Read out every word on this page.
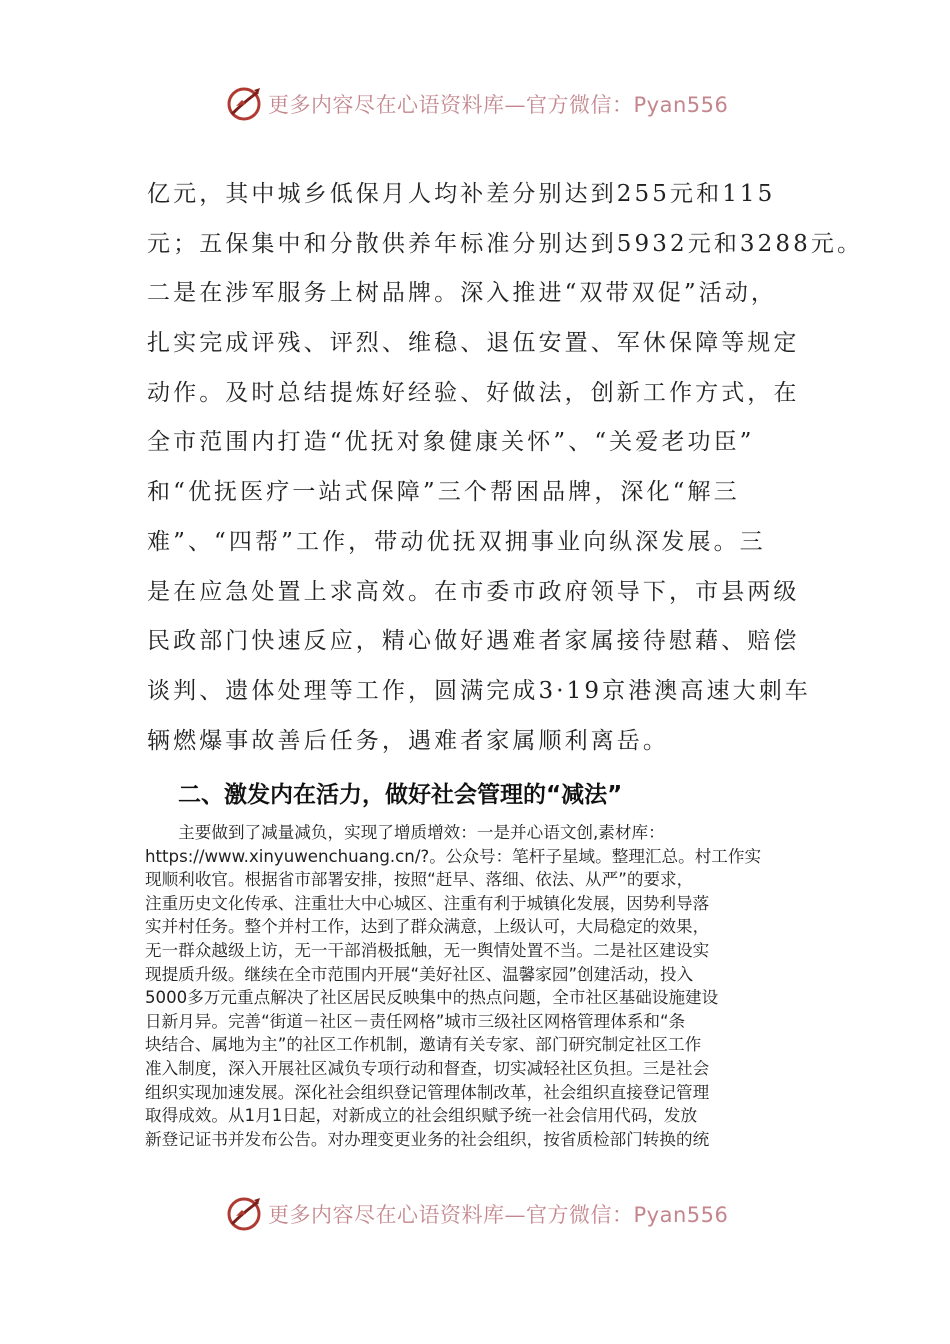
更多内容尽在心语资料库—官方微信：Pyan556
亿元，其中城乡低保月人均补差分别达到255元和115
元；五保集中和分散供养年标准分别达到5932元和3288元。
二是在涉军服务上树品牌。深入推进“双带双促”活动，
扎实完成评残、评烈、维稳、退伍安置、军休保障等规定
动作。及时总结提炼好经验、好做法，创新工作方式，在
全市范围内打造“优抚对象健康关怀”、“关爱老功臣”
和“优抚医疗一站式保障”三个帮困品牌，深化“解三
难”、“四帮”工作，带动优抚双拥事业向纵深发展。三
是在应急处置上求高效。在市委市政府领导下，市县两级
民政部门快速反应，精心做好遇难者家属接待慰藉、赔偿
谈判、遗体处理等工作，圆满完成3·19京港澳高速大刺车
辆燃爆事故善后任务，遇难者家属顺利离岳。
二、激发内在活力，做好社会管理的“减法”
　　主要做到了减量减负，实现了增质增效：一是并心语文创,素材库：
https://www.xinyuwenchuang.cn/?。公众号：笔杆子星域。整理汇总。村工作实
现顺利收官。根据省市部署安排，按照“赶早、落细、依法、从严”的要求，
注重历史文化传承、注重壮大中心城区、注重有利于城镇化发展，因势利导落
实并村任务。整个并村工作，达到了群众满意，上级认可，大局稳定的效果，
无一群众越级上访，无一干部消极抵触，无一舆情处置不当。二是社区建设实
现提质升级。继续在全市范围内开展“美好社区、温馨家园”创建活动，投入
5000多万元重点解决了社区居民反映集中的热点问题，全市社区基础设施建设
日新月异。完善“街道－社区－责任网格”城市三级社区网格管理体系和“条
块结合、属地为主”的社区工作机制，邀请有关专家、部门研究制定社区工作
准入制度，深入开展社区减负专项行动和督查，切实减轻社区负担。三是社会
组织实现加速发展。深化社会组织登记管理体制改革，社会组织直接登记管理
取得成效。从1月1日起，对新成立的社会组织赋予统一社会信用代码，发放
新登记证书并发布公告。对办理变更业务的社会组织，按省质检部门转换的统
更多内容尽在心语资料库—官方微信：Pyan556
